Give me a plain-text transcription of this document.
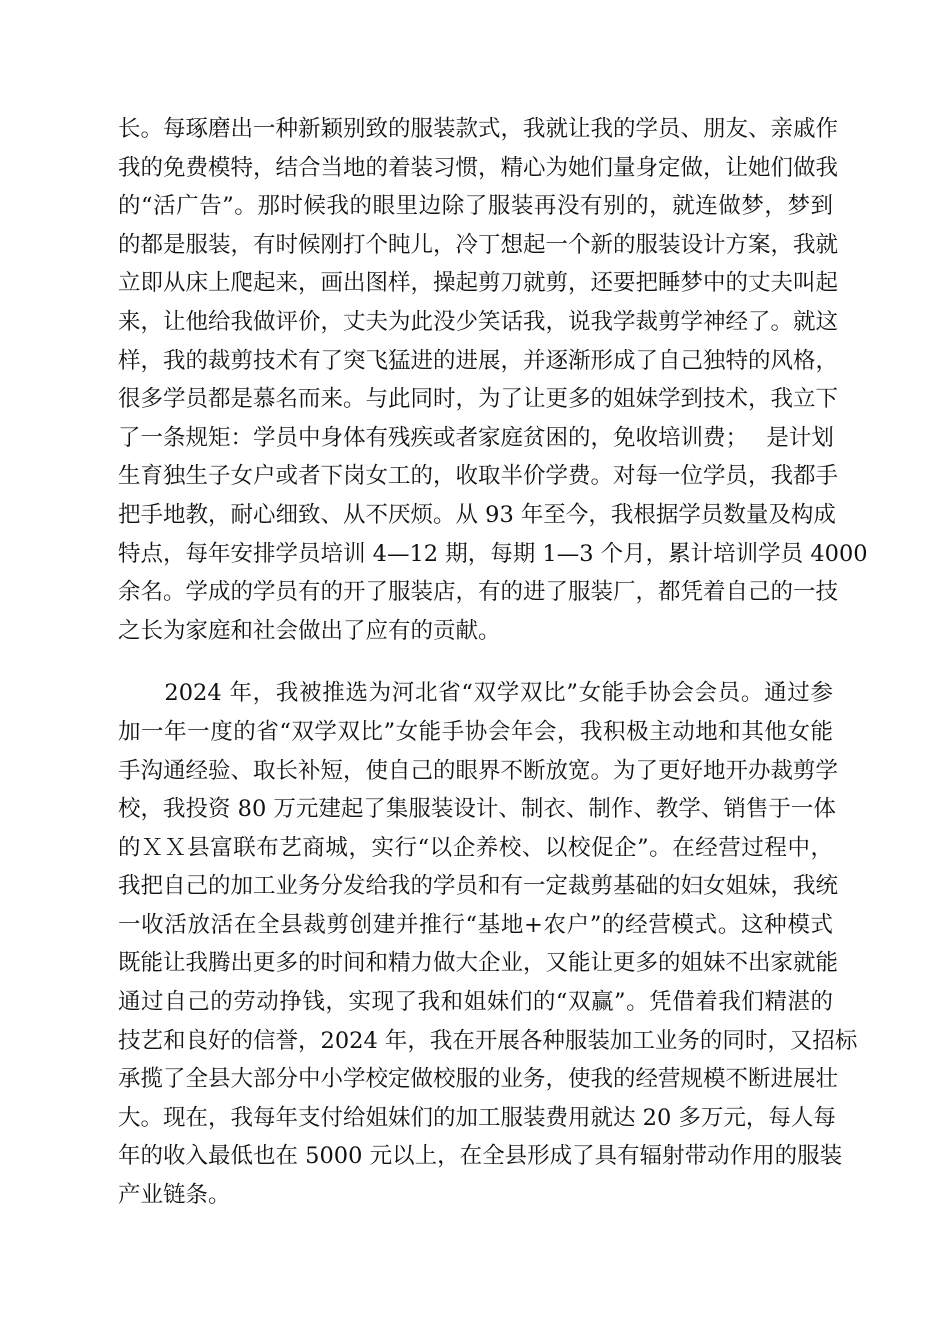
长。每琢磨出一种新颖别致的服装款式，我就让我的学员、朋友、亲戚作
我的免费模特，结合当地的着装习惯，精心为她们量身定做，让她们做我
的“活广告”。那时候我的眼里边除了服装再没有别的，就连做梦，梦到
的都是服装，有时候刚打个盹儿，冷丁想起一个新的服装设计方案，我就
立即从床上爬起来，画出图样，操起剪刀就剪，还要把睡梦中的丈夫叫起
来，让他给我做评价，丈夫为此没少笑话我，说我学裁剪学神经了。就这
样，我的裁剪技术有了突飞猛进的进展，并逐渐形成了自己独特的风格，
很多学员都是慕名而来。与此同时，为了让更多的姐妹学到技术，我立下
了一条规矩：学员中身体有残疾或者家庭贫困的，免收培训费；　 是计划
生育独生子女户或者下岗女工的，收取半价学费。对每一位学员，我都手
把手地教，耐心细致、从不厌烦。从 93 年至今，我根据学员数量及构成
特点，每年安排学员培训 4—12 期，每期 1—3 个月，累计培训学员 4000
余名。学成的学员有的开了服装店，有的进了服装厂，都凭着自己的一技
之长为家庭和社会做出了应有的贡献。
　　2024 年，我被推选为河北省“双学双比”女能手协会会员。通过参
加一年一度的省“双学双比”女能手协会年会，我积极主动地和其他女能
手沟通经验、取长补短，使自己的眼界不断放宽。为了更好地开办裁剪学
校，我投资 80 万元建起了集服装设计、制衣、制作、教学、销售于一体
的ＸＸ县富联布艺商城，实行“以企养校、以校促企”。在经营过程中，
我把自己的加工业务分发给我的学员和有一定裁剪基础的妇女姐妹，我统
一收活放活在全县裁剪创建并推行“基地+农户”的经营模式。这种模式
既能让我腾出更多的时间和精力做大企业，又能让更多的姐妹不出家就能
通过自己的劳动挣钱，实现了我和姐妹们的“双赢”。凭借着我们精湛的
技艺和良好的信誉，2024 年，我在开展各种服装加工业务的同时，又招标
承揽了全县大部分中小学校定做校服的业务，使我的经营规模不断进展壮
大。现在，我每年支付给姐妹们的加工服装费用就达 20 多万元，每人每
年的收入最低也在 5000 元以上，在全县形成了具有辐射带动作用的服装
产业链条。
